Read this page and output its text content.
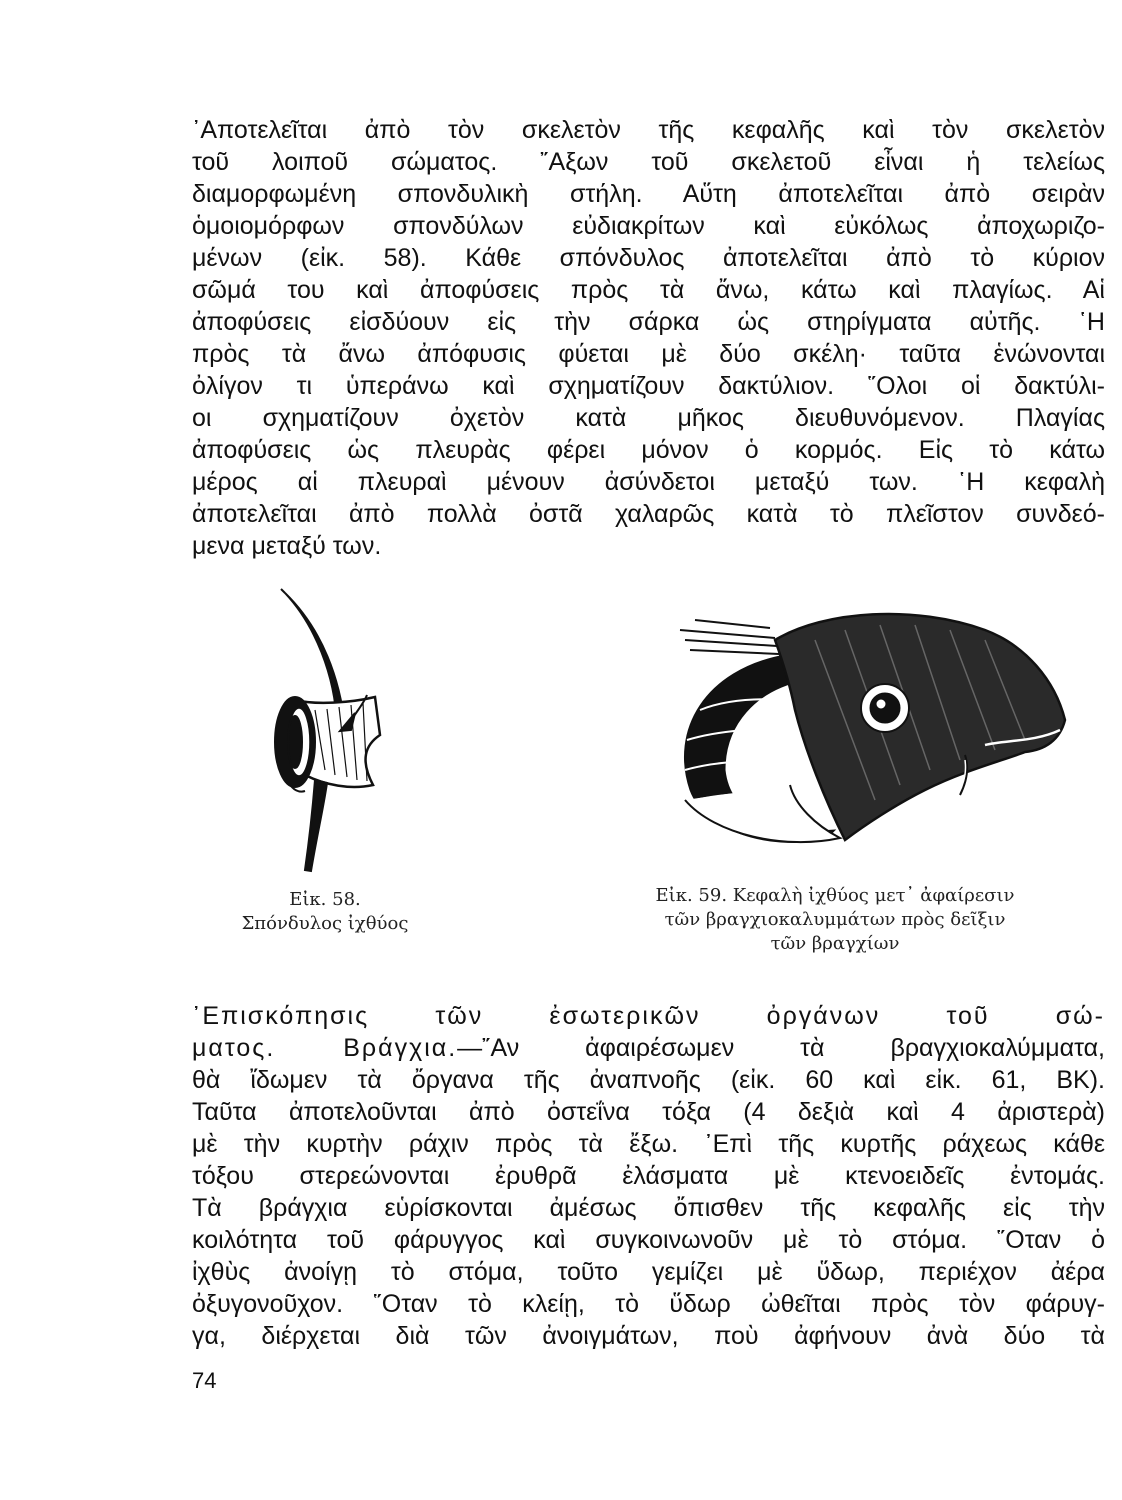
᾿Αποτελεῖται ἀπὸ τὸν σκελετὸν τῆς κεφαλῆς καὶ τὸν σκελετὸν
τοῦ λοιποῦ σώματος. ῎Αξων τοῦ σκελετοῦ εἶναι ἡ τελείως
διαμορφωμένη σπονδυλικὴ στήλη. Αὕτη ἀποτελεῖται ἀπὸ σειρὰν
ὁμοιομόρφων σπονδύλων εὐδιακρίτων καὶ εὐκόλως ἀποχωριζο-
μένων (εἰκ. 58). Κάθε σπόνδυλος ἀποτελεῖται ἀπὸ τὸ κύριον
σῶμά του καὶ ἀποφύσεις πρὸς τὰ ἄνω, κάτω καὶ πλαγίως. Αἱ
ἀποφύσεις εἰσδύουν εἰς τὴν σάρκα ὡς στηρίγματα αὐτῆς. ῾Η
πρὸς τὰ ἄνω ἀπόφυσις φύεται μὲ δύο σκέλη· ταῦτα ἑνώνονται
ὀλίγον τι ὑπεράνω καὶ σχηματίζουν δακτύλιον. ῞Ολοι οἱ δακτύλι-
οι σχηματίζουν ὀχετὸν κατὰ μῆκος διευθυνόμενον. Πλαγίας
ἀποφύσεις ὡς πλευρὰς φέρει μόνον ὁ κορμός. Εἰς τὸ κάτω
μέρος αἱ πλευραὶ μένουν ἀσύνδετοι μεταξύ των. ῾Η κεφαλὴ
ἀποτελεῖται ἀπὸ πολλὰ ὀστᾶ χαλαρῶς κατὰ τὸ πλεῖστον συνδεό-
μενα μεταξύ των.
Εἰκ. 58.
Σπόνδυλος ἰχθύος
Εἰκ. 59. Κεφαλὴ ἰχθύος μετ᾿ ἀφαίρεσιν
τῶν βραγχιοκαλυμμάτων πρὸς δεῖξιν
τῶν βραγχίων
᾿Επισκόπησις τῶν ἐσωτερικῶν ὀργάνων τοῦ σώ-
ματος. Βράγχια.—῎Αν ἀφαιρέσωμεν τὰ βραγχιοκαλύμματα,
θὰ ἴδωμεν τὰ ὄργανα τῆς ἀναπνοῆς (εἰκ. 60 καὶ εἰκ. 61, ΒΚ).
Ταῦτα ἀποτελοῦνται ἀπὸ ὀστεΐνα τόξα (4 δεξιὰ καὶ 4 ἀριστερὰ)
μὲ τὴν κυρτὴν ράχιν πρὸς τὰ ἔξω. ᾿Επὶ τῆς κυρτῆς ράχεως κάθε
τόξου στερεώνονται ἐρυθρᾶ ἐλάσματα μὲ κτενοειδεῖς ἐντομάς.
Τὰ βράγχια εὑρίσκονται ἀμέσως ὄπισθεν τῆς κεφαλῆς εἰς τὴν
κοιλότητα τοῦ φάρυγγος καὶ συγκοινωνοῦν μὲ τὸ στόμα. ῞Οταν ὁ
ἰχθὺς ἀνοίγῃ τὸ στόμα, τοῦτο γεμίζει μὲ ὕδωρ, περιέχον ἀέρα
ὀξυγονοῦχον. ῞Οταν τὸ κλείῃ, τὸ ὕδωρ ὠθεῖται πρὸς τὸν φάρυγ-
γα, διέρχεται διὰ τῶν ἀνοιγμάτων, ποὺ ἀφήνουν ἀνὰ δύο τὰ
74
